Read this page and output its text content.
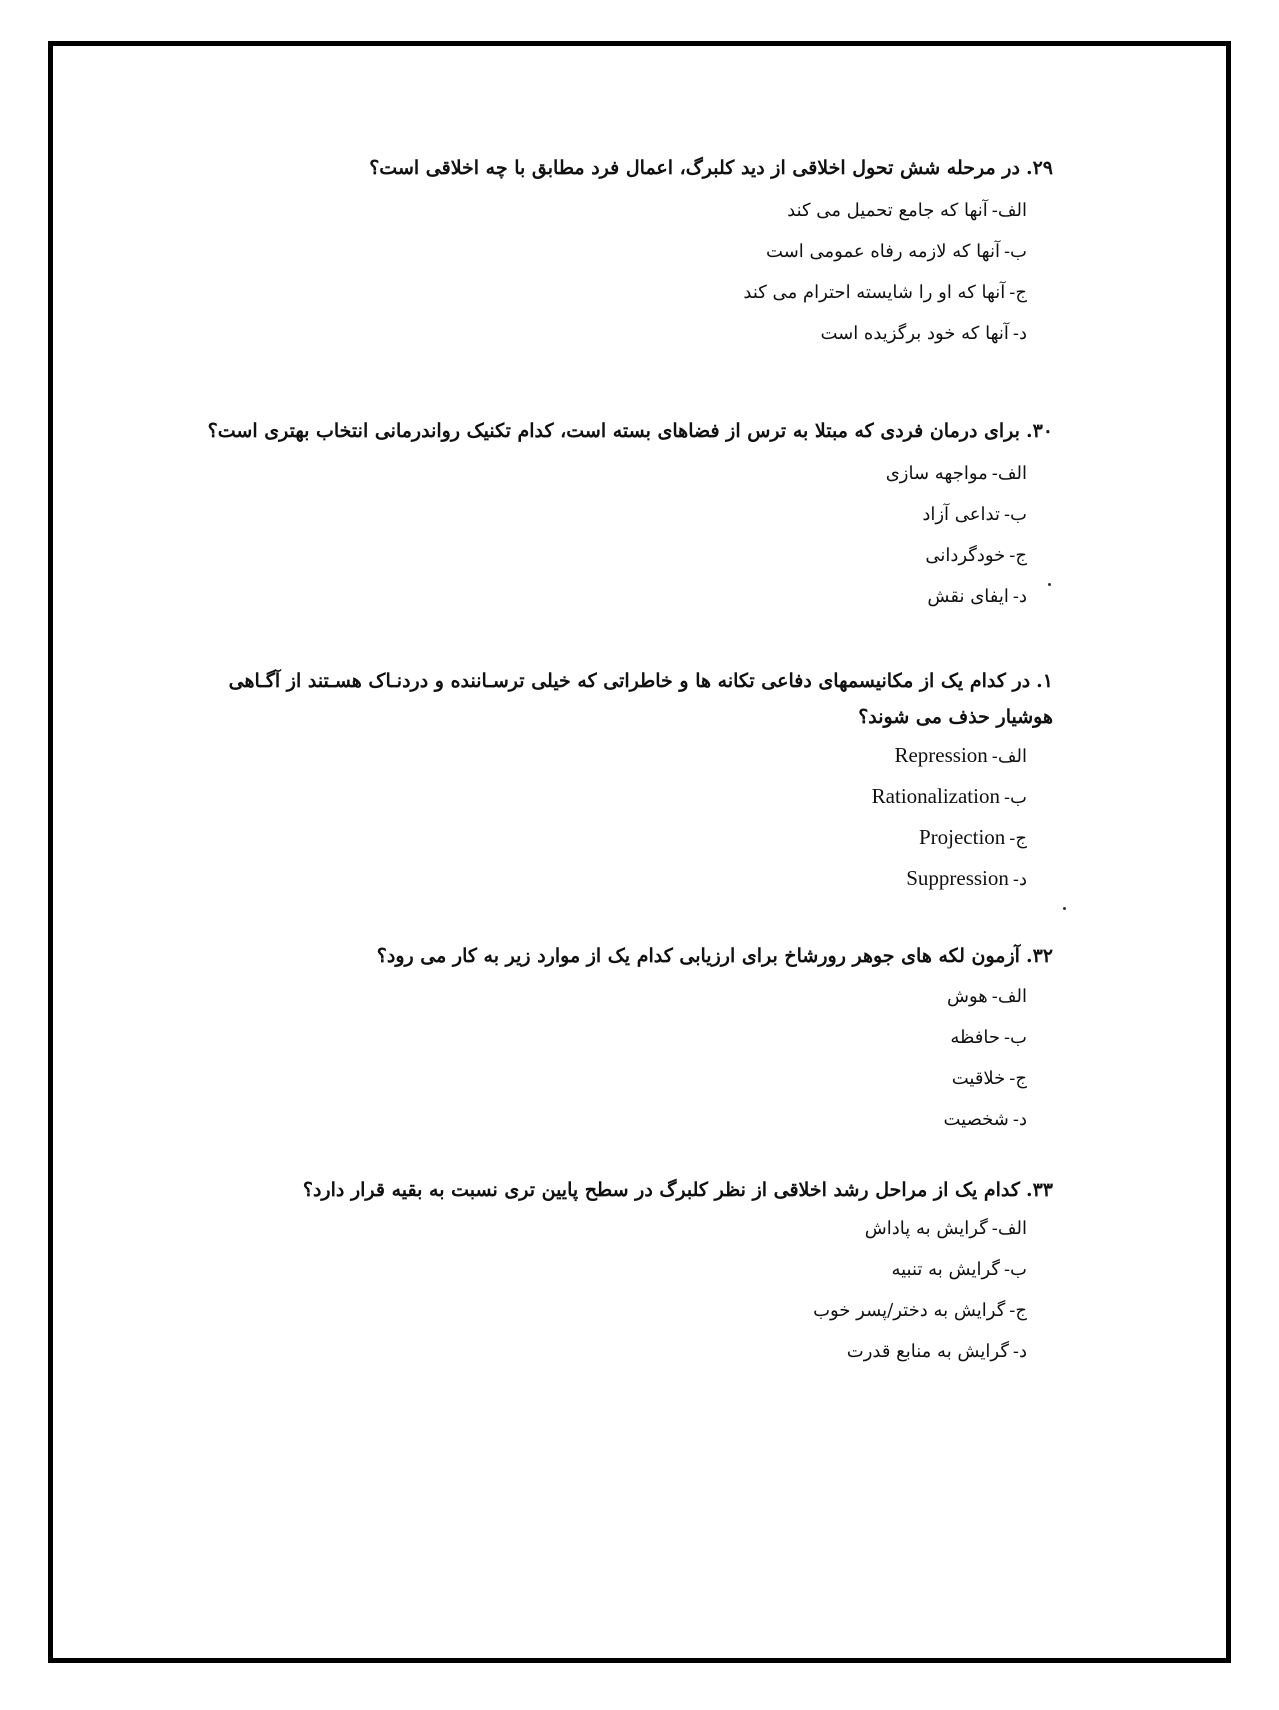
۲۹.در مرحله شش تحول اخلاقی از دید کلبرگ، اعمال فرد مطابق با چه اخلاقی است؟
الف-آنها که جامع تحمیل می کند
ب-آنها که لازمه رفاه عمومی است
ج-آنها که او را شایسته احترام می کند
د-آنها که خود برگزیده است
۳۰.برای درمان فردی که مبتلا به ترس از فضاهای بسته است، کدام تکنیک رواندرمانی انتخاب بهتری است؟
الف-مواجهه سازی
ب-تداعی آزاد
ج-خودگردانی
د-ایفای نقش
۱.در کدام یک از مکانیسمهای دفاعی تکانه ها و خاطراتی که خیلی ترسـاننده و دردنـاک هسـتند از آگـاهی هوشیار حذف می شوند؟
الف-Repression
ب-Rationalization
ج-Projection
د-Suppression
۳۲.آزمون لکه های جوهر رورشاخ برای ارزیابی کدام یک از موارد زیر به کار می رود؟
الف-هوش
ب-حافظه
ج-خلاقیت
د-شخصیت
۳۳.کدام یک از مراحل رشد اخلاقی از نظر کلبرگ در سطح پایین تری نسبت به بقیه قرار دارد؟
الف-گرایش به پاداش
ب-گرایش به تنبیه
ج-گرایش به دختر/پسر خوب
د-گرایش به منابع قدرت
